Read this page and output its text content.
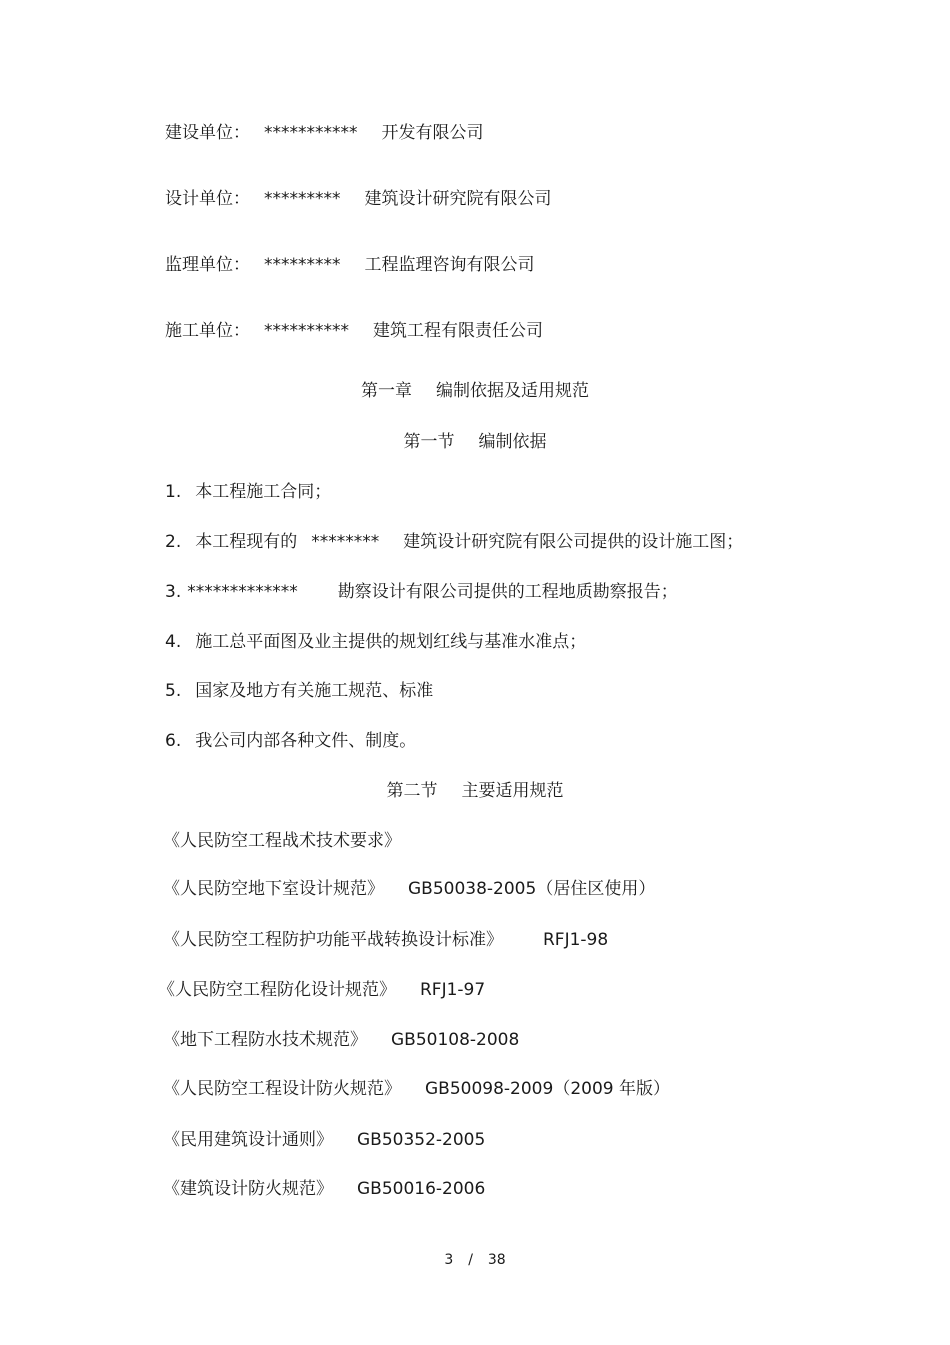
建设单位： *********** 开发有限公司
设计单位： ********* 建筑设计研究院有限公司
监理单位： ********* 工程监理咨询有限公司
施工单位： ********** 建筑工程有限责任公司
第一章 编制依据及适用规范
第一节 编制依据
1. 本工程施工合同；
2. 本工程现有的 ******** 建筑设计研究院有限公司提供的设计施工图；
3. ************* 勘察设计有限公司提供的工程地质勘察报告；
4. 施工总平面图及业主提供的规划红线与基准水准点；
5. 国家及地方有关施工规范、标准
6. 我公司内部各种文件、制度。
第二节 主要适用规范
《人民防空工程战术技术要求》
《人民防空地下室设计规范》 GB50038-2005（居住区使用）
《人民防空工程防护功能平战转换设计标准》 RFJ1-98
《人民防空工程防化设计规范》 RFJ1-97
《地下工程防水技术规范》 GB50108-2008
《人民防空工程设计防火规范》 GB50098-2009（2009 年版）
《民用建筑设计通则》 GB50352-2005
《建筑设计防火规范》 GB50016-2006
3 / 38
